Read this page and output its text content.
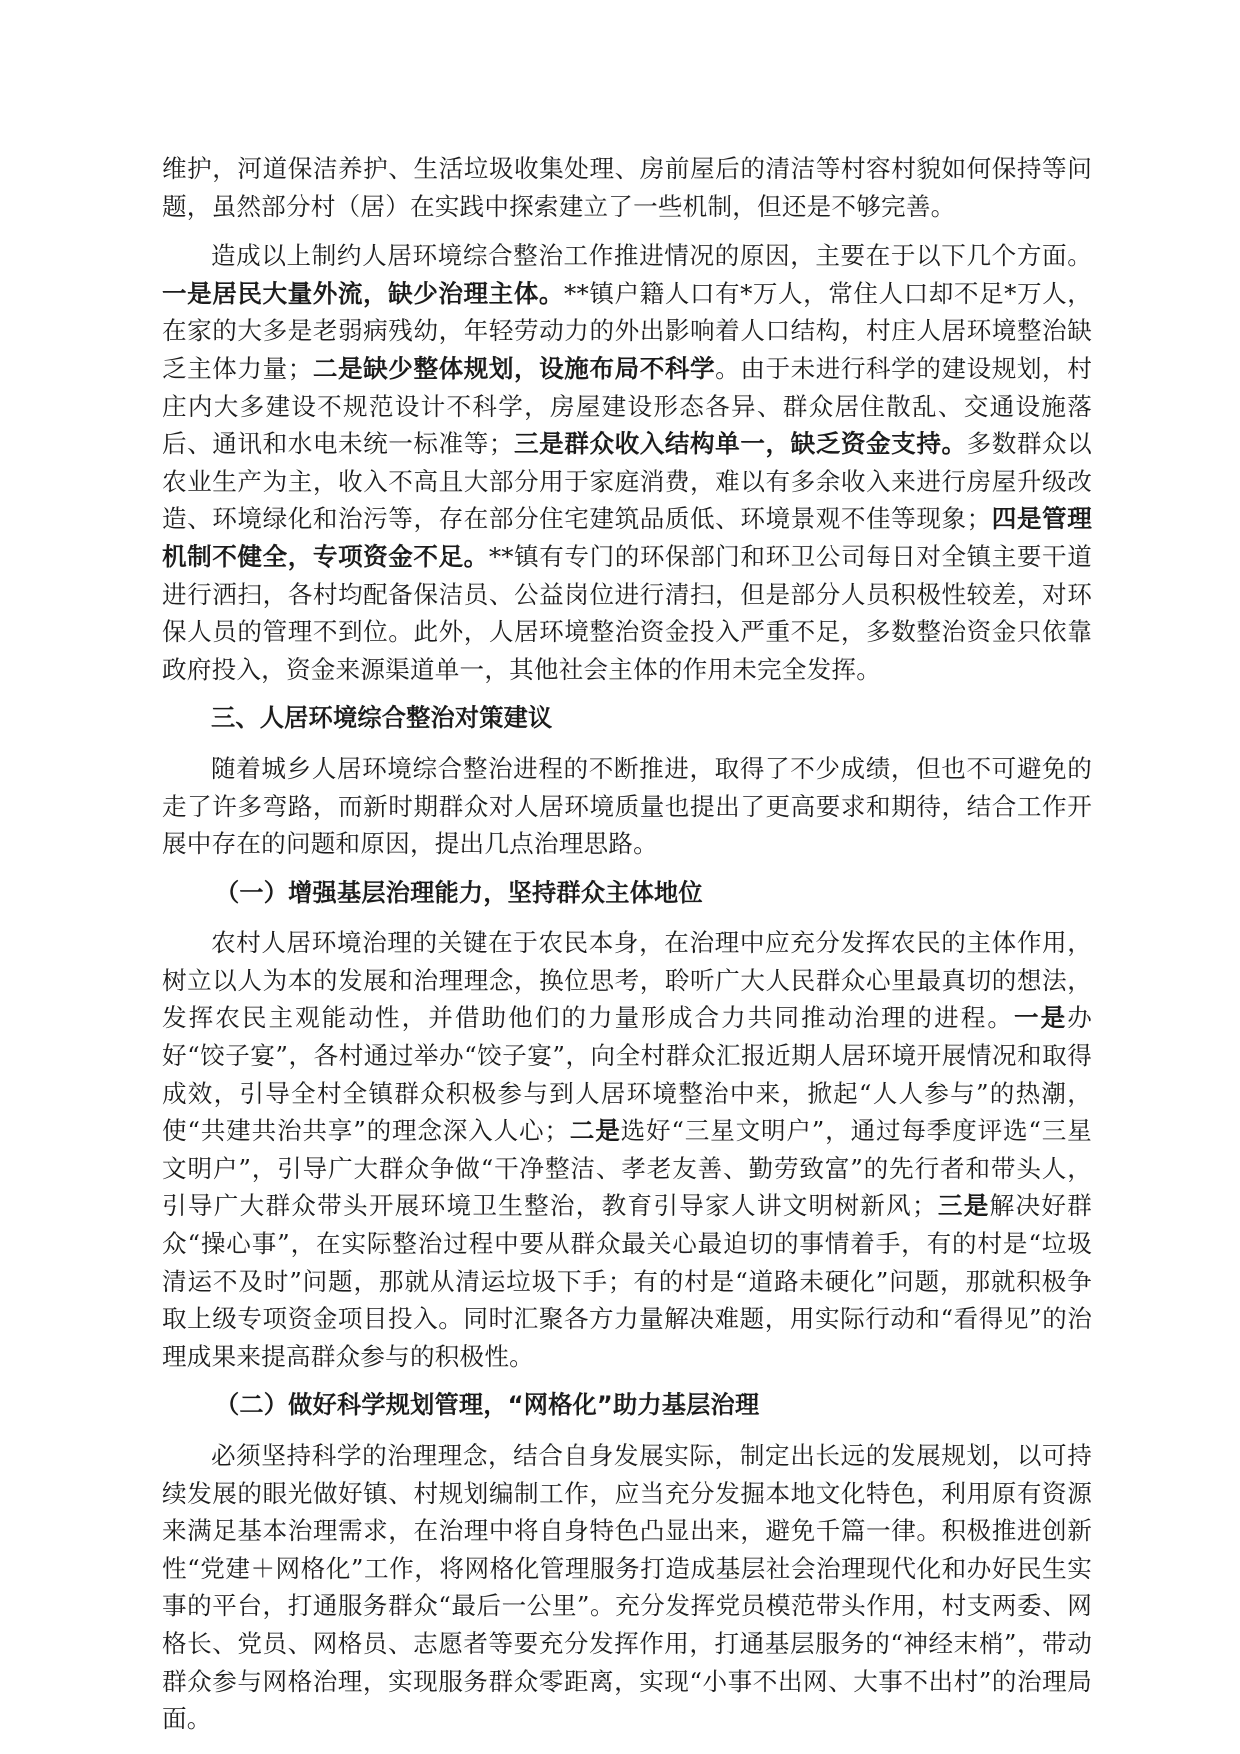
维护，河道保洁养护、生活垃圾收集处理、房前屋后的清洁等村容村貌如何保持等问题，虽然部分村（居）在实践中探索建立了一些机制，但还是不够完善。

造成以上制约人居环境综合整治工作推进情况的原因，主要在于以下几个方面。一是居民大量外流，缺少治理主体。**镇户籍人口有*万人，常住人口却不足*万人，在家的大多是老弱病残幼，年轻劳动力的外出影响着人口结构，村庄人居环境整治缺乏主体力量；二是缺少整体规划，设施布局不科学。由于未进行科学的建设规划，村庄内大多建设不规范设计不科学，房屋建设形态各异、群众居住散乱、交通设施落后、通讯和水电未统一标准等；三是群众收入结构单一，缺乏资金支持。多数群众以农业生产为主，收入不高且大部分用于家庭消费，难以有多余收入来进行房屋升级改造、环境绿化和治污等，存在部分住宅建筑品质低、环境景观不佳等现象；四是管理机制不健全，专项资金不足。**镇有专门的环保部门和环卫公司每日对全镇主要干道进行洒扫，各村均配备保洁员、公益岗位进行清扫，但是部分人员积极性较差，对环保人员的管理不到位。此外，人居环境整治资金投入严重不足，多数整治资金只依靠政府投入，资金来源渠道单一，其他社会主体的作用未完全发挥。

三、人居环境综合整治对策建议

随着城乡人居环境综合整治进程的不断推进，取得了不少成绩，但也不可避免的走了许多弯路，而新时期群众对人居环境质量也提出了更高要求和期待，结合工作开展中存在的问题和原因，提出几点治理思路。

（一）增强基层治理能力，坚持群众主体地位

农村人居环境治理的关键在于农民本身，在治理中应充分发挥农民的主体作用，树立以人为本的发展和治理理念，换位思考，聆听广大人民群众心里最真切的想法，发挥农民主观能动性，并借助他们的力量形成合力共同推动治理的进程。一是办好“饺子宴”，各村通过举办“饺子宴”，向全村群众汇报近期人居环境开展情况和取得成效，引导全村全镇群众积极参与到人居环境整治中来，掀起“人人参与”的热潮，使“共建共治共享”的理念深入人心；二是选好“三星文明户”，通过每季度评选“三星文明户”，引导广大群众争做“干净整洁、孝老友善、勤劳致富”的先行者和带头人，引导广大群众带头开展环境卫生整治，教育引导家人讲文明树新风；三是解决好群众“操心事”，在实际整治过程中要从群众最关心最迫切的事情着手，有的村是“垃圾清运不及时”问题，那就从清运垃圾下手；有的村是“道路未硬化”问题，那就积极争取上级专项资金项目投入。同时汇聚各方力量解决难题，用实际行动和“看得见”的治理成果来提高群众参与的积极性。

（二）做好科学规划管理，“网格化”助力基层治理

必须坚持科学的治理理念，结合自身发展实际，制定出长远的发展规划，以可持续发展的眼光做好镇、村规划编制工作，应当充分发掘本地文化特色，利用原有资源来满足基本治理需求，在治理中将自身特色凸显出来，避免千篇一律。积极推进创新性“党建＋网格化”工作，将网格化管理服务打造成基层社会治理现代化和办好民生实事的平台，打通服务群众“最后一公里”。充分发挥党员模范带头作用，村支两委、网格长、党员、网格员、志愿者等要充分发挥作用，打通基层服务的“神经末梢”，带动群众参与网格治理，实现服务群众零距离，实现“小事不出网、大事不出村”的治理局面。
